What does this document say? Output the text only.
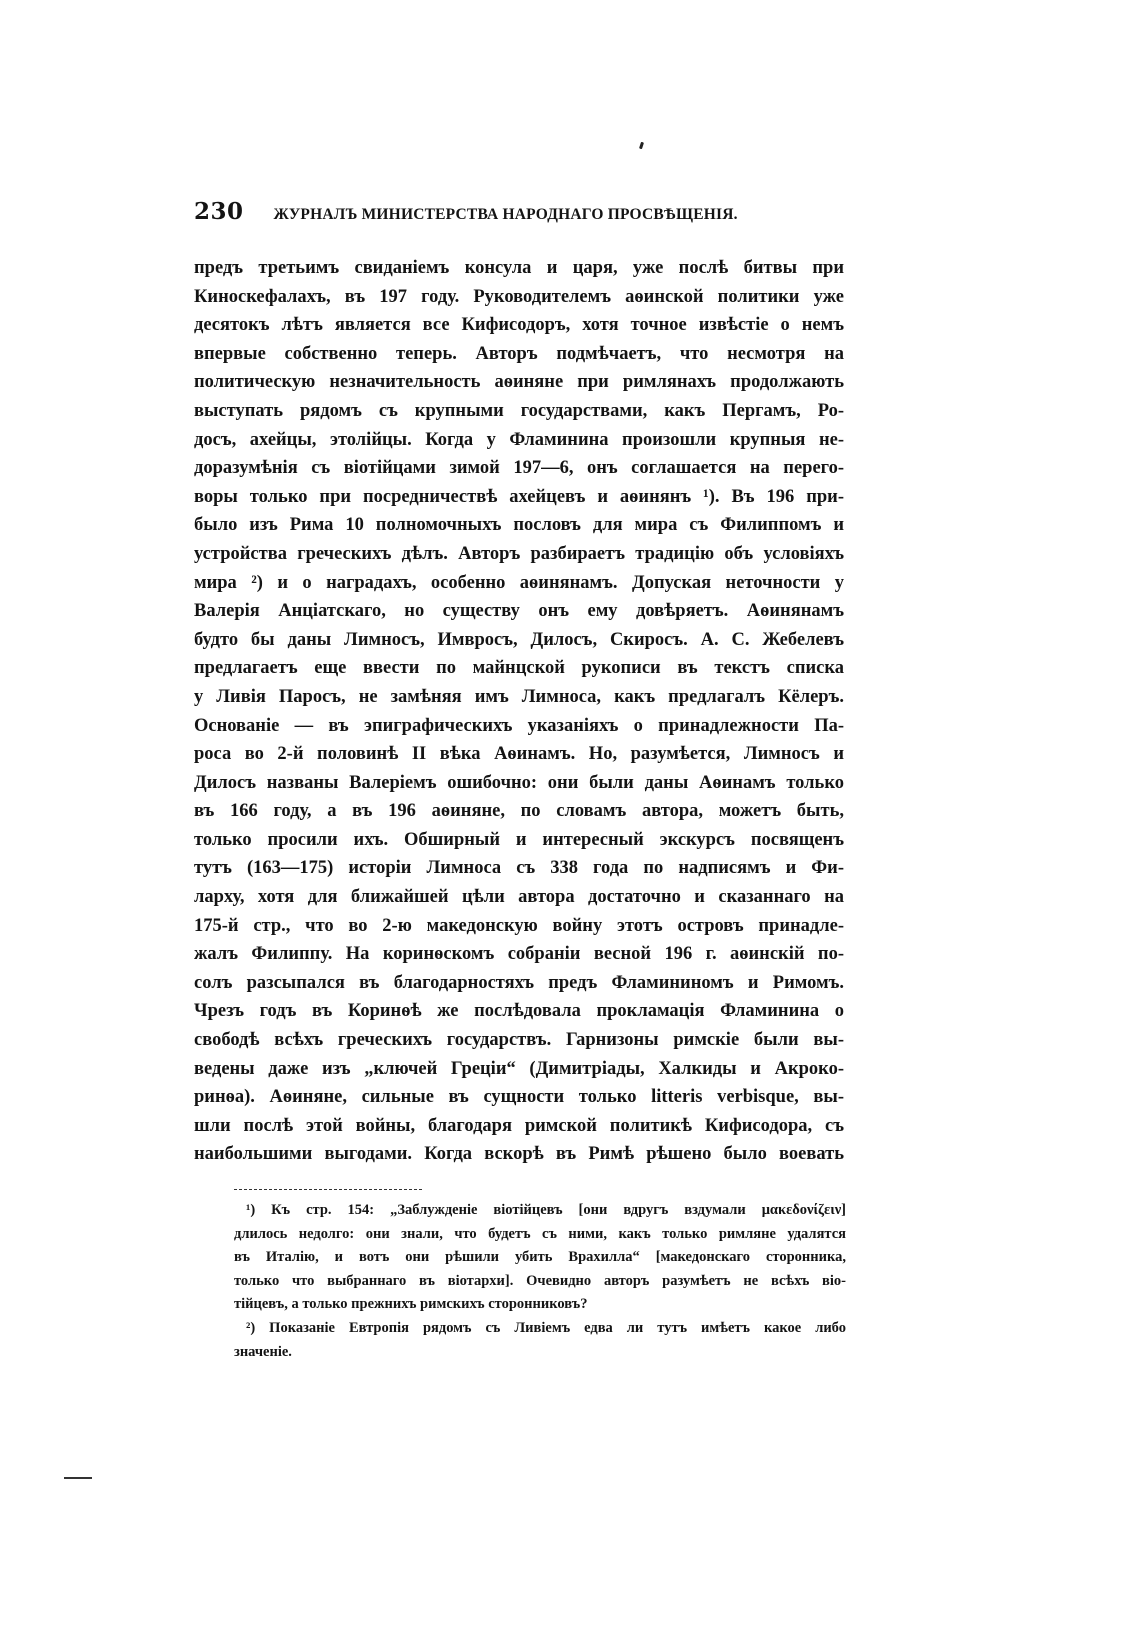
230 ЖУРНАЛЪ МИНИСТЕРСТВА НАРОДНАГО ПРОСВѢЩЕНІЯ.
предъ третьимъ свиданіемъ консула и царя, уже послѣ битвы при
Киноскефалахъ, въ 197 году. Руководителемъ аѳинской политики уже
десятокъ лѣтъ является все Кифисодоръ, хотя точное извѣстіе о немъ
впервые собственно теперь. Авторъ подмѣчаетъ, что несмотря на
политическую незначительность аѳиняне при римлянахъ продолжають
выступать рядомъ съ крупными государствами, какъ Пергамъ, Ро-
досъ, ахейцы, этолійцы. Когда у Фламинина произошли крупныя не-
доразумѣнія съ віотійцами зимой 197—6, онъ соглашается на перего-
воры только при посредничествѣ ахейцевъ и аѳинянъ ¹). Въ 196 при-
было изъ Рима 10 полномочныхъ пословъ для мира съ Филиппомъ и
устройства греческихъ дѣлъ. Авторъ разбираетъ традицію объ условіяхъ
мира ²) и о наградахъ, особенно аѳинянамъ. Допуская неточности у
Валерія Анціатскаго, но существу онъ ему довѣряетъ. Аѳинянамъ
будто бы даны Лимносъ, Имвросъ, Дилосъ, Скиросъ. А. С. Жебелевъ
предлагаетъ еще ввести по майнцской рукописи въ текстъ списка
у Ливія Паросъ, не замѣняя имъ Лимноса, какъ предлагалъ Кёлеръ.
Основаніе — въ эпиграфическихъ указаніяхъ о принадлежности Па-
роса во 2-й половинѣ II вѣка Аѳинамъ. Но, разумѣется, Лимносъ и
Дилосъ названы Валеріемъ ошибочно: они были даны Аѳинамъ только
въ 166 году, а въ 196 аѳиняне, по словамъ автора, можетъ быть,
только просили ихъ. Обширный и интересный экскурсъ посвященъ
тутъ (163—175) исторіи Лимноса съ 338 года по надписямъ и Фи-
ларху, хотя для ближайшей цѣли автора достаточно и сказаннаго на
175-й стр., что во 2-ю македонскую войну этотъ островъ принадле-
жалъ Филиппу. На коринѳскомъ собраніи весной 196 г. аѳинскій по-
солъ разсыпался въ благодарностяхъ предъ Фламининомъ и Римомъ.
Чрезъ годъ въ Коринѳѣ же послѣдовала прокламація Фламинина о
свободѣ всѣхъ греческихъ государствъ. Гарнизоны римскіе были вы-
ведены даже изъ „ключей Греціи“ (Димитріады, Халкиды и Акроко-
ринѳа). Аѳиняне, сильные въ сущности только litteris verbisque, вы-
шли послѣ этой войны, благодаря римской политикѣ Кифисодора, съ
наибольшими выгодами. Когда вскорѣ въ Римѣ рѣшено было воевать
¹) Къ стр. 154: „Заблужденіе віотійцевъ [они вдругъ вздумали μακεδονίζειν]
длилось недолго: они знали, что будетъ съ ними, какъ только римляне удалятся
въ Италію, и вотъ они рѣшили убить Врахилла“ [македонскаго сторонника,
только что выбраннаго въ віотархи]. Очевидно авторъ разумѣетъ не всѣхъ віо-
тійцевъ, а только прежнихъ римскихъ сторонниковъ?
²) Показаніе Евтропія рядомъ съ Ливіемъ едва ли тутъ имѣетъ какое либо
значеніе.
